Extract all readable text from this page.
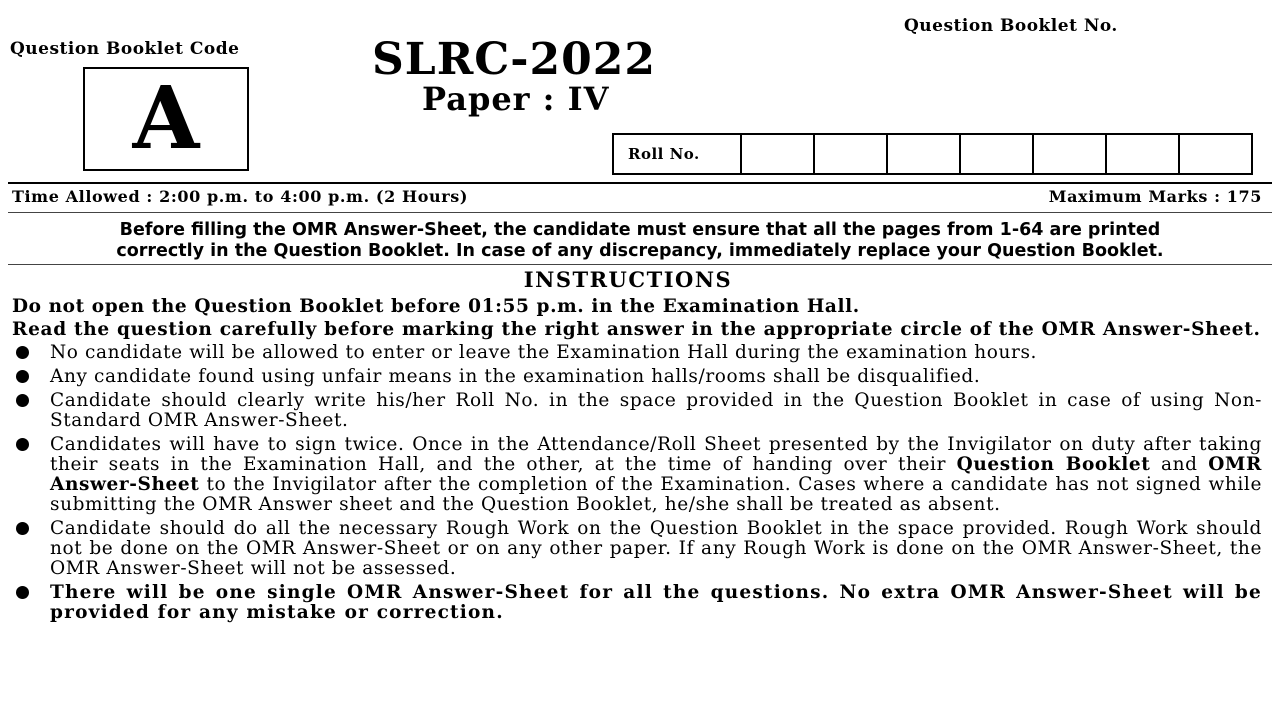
Question Booklet No.
Question Booklet Code
A
SLRC-2022
Paper : IV
Roll No.							
Time Allowed : 2:00 p.m. to 4:00 p.m. (2 Hours)	Maximum Marks : 175
Before filling the OMR Answer-Sheet, the candidate must ensure that all the pages from 1-64 are printed
correctly in the Question Booklet. In case of any discrepancy, immediately replace your Question Booklet.
INSTRUCTIONS

Do not open the Question Booklet before 01:55 p.m. in the Examination Hall.

Read the question carefully before marking the right answer in the appropriate circle of the OMR Answer-Sheet.

No candidate will be allowed to enter or leave the Examination Hall during the examination hours.
Any candidate found using unfair means in the examination halls/rooms shall be disqualified.
Candidate should clearly write his/her Roll No. in the space provided in the Question Booklet in case of using Non-Standard OMR Answer-Sheet.
Candidates will have to sign twice. Once in the Attendance/Roll Sheet presented by the Invigilator on duty after taking their seats in the Examination Hall, and the other, at the time of handing over their Question Booklet and OMR Answer-Sheet to the Invigilator after the completion of the Examination. Cases where a candidate has not signed while submitting the OMR Answer sheet and the Question Booklet, he/she shall be treated as absent.
Candidate should do all the necessary Rough Work on the Question Booklet in the space provided. Rough Work should not be done on the OMR Answer-Sheet or on any other paper. If any Rough Work is done on the OMR Answer-Sheet, the OMR Answer-Sheet will not be assessed.
There will be one single OMR Answer-Sheet for all the questions. No extra OMR Answer-Sheet will be provided for any mistake or correction.
